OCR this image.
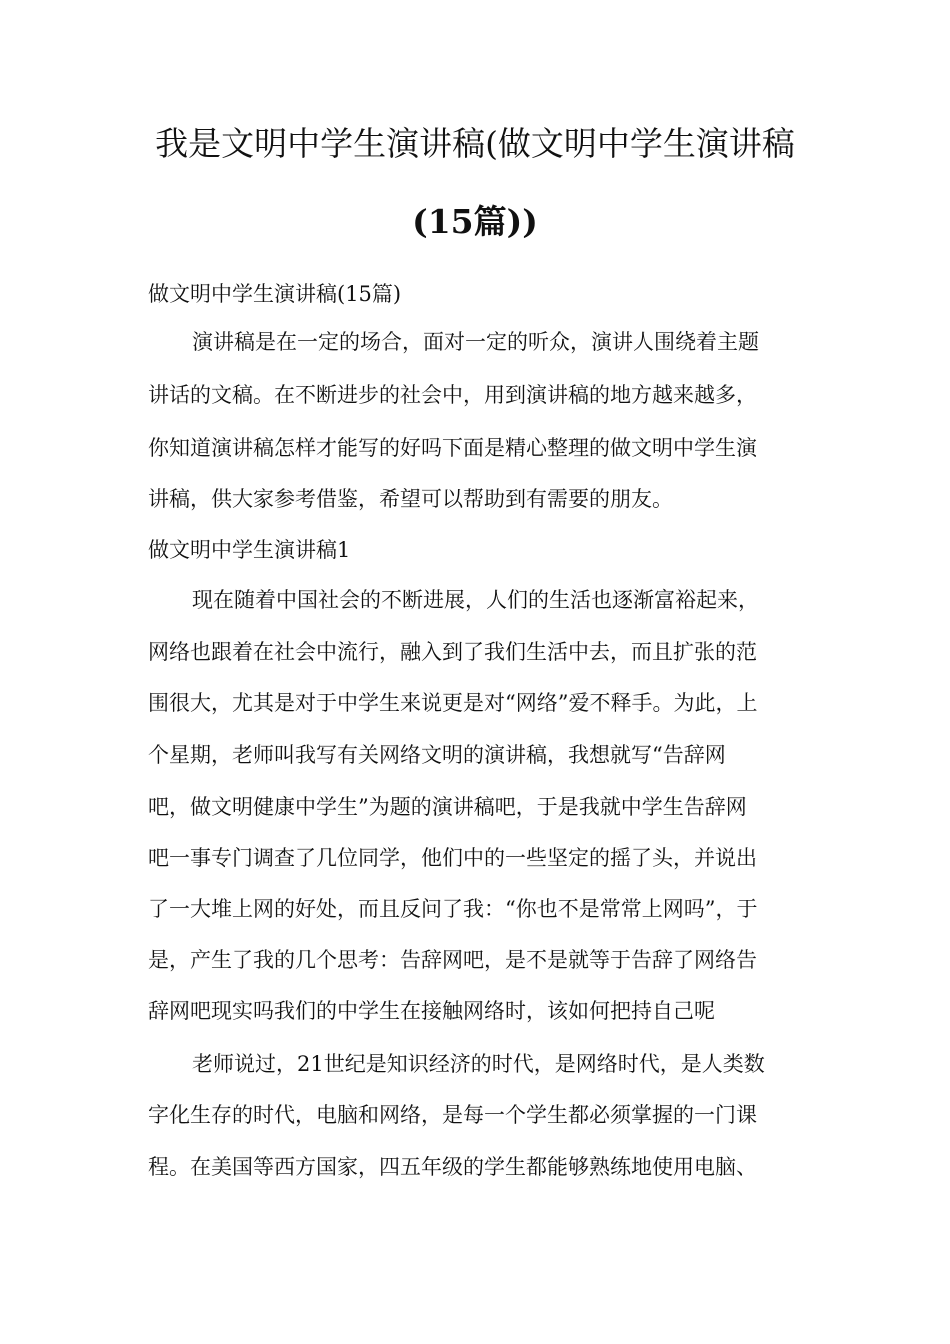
我是文明中学生演讲稿(做文明中学生演讲稿
(15篇))
做文明中学生演讲稿(15篇)
演讲稿是在一定的场合，面对一定的听众，演讲人围绕着主题
讲话的文稿。在不断进步的社会中，用到演讲稿的地方越来越多，
你知道演讲稿怎样才能写的好吗下面是精心整理的做文明中学生演
讲稿，供大家参考借鉴，希望可以帮助到有需要的朋友。
做文明中学生演讲稿1
现在随着中国社会的不断进展，人们的生活也逐渐富裕起来，
网络也跟着在社会中流行，融入到了我们生活中去，而且扩张的范
围很大，尤其是对于中学生来说更是对“网络”爱不释手。为此，上
个星期，老师叫我写有关网络文明的演讲稿，我想就写“告辞网
吧，做文明健康中学生”为题的演讲稿吧，于是我就中学生告辞网
吧一事专门调查了几位同学，他们中的一些坚定的摇了头，并说出
了一大堆上网的好处，而且反问了我：“你也不是常常上网吗”，于
是，产生了我的几个思考：告辞网吧，是不是就等于告辞了网络告
辞网吧现实吗我们的中学生在接触网络时，该如何把持自己呢
老师说过，21世纪是知识经济的时代，是网络时代，是人类数
字化生存的时代，电脑和网络，是每一个学生都必须掌握的一门课
程。在美国等西方国家，四五年级的学生都能够熟练地使用电脑、
